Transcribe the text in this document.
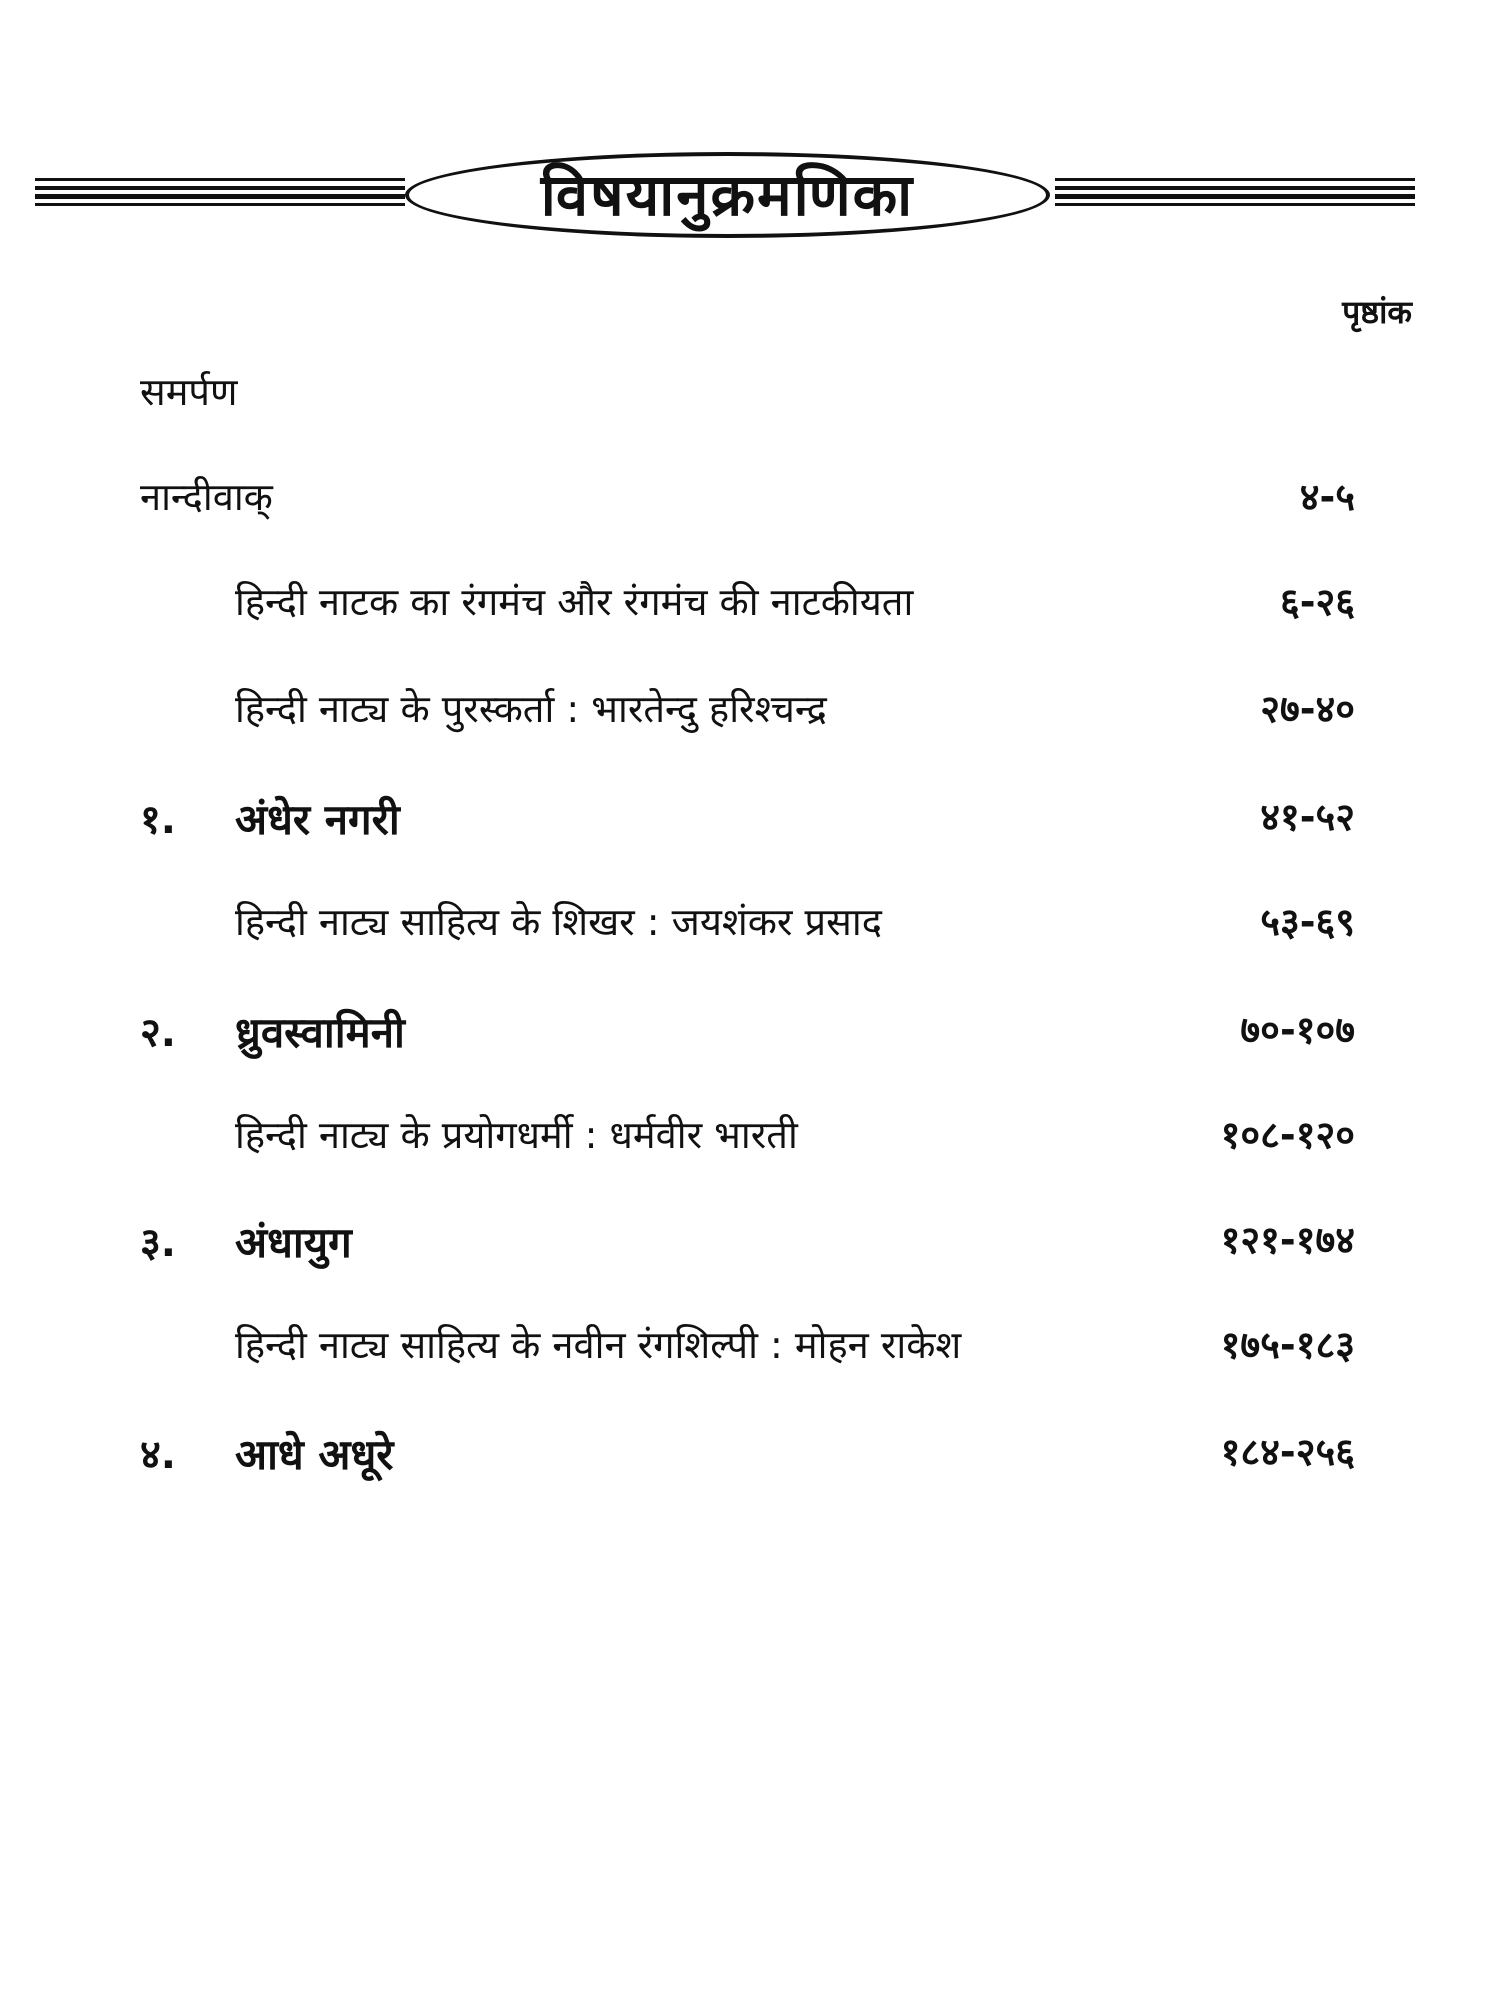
विषयानुक्रमणिका
पृष्ठांक
समर्पण
नान्दीवाक्	४-५
हिन्दी नाटक का रंगमंच और रंगमंच की नाटकीयता	६-२६
हिन्दी नाट्य के पुरस्कर्ता : भारतेन्दु हरिश्चन्द्र	२७-४०
१. अंधेर नगरी	४१-५२
हिन्दी नाट्य साहित्य के शिखर : जयशंकर प्रसाद	५३-६९
२. ध्रुवस्वामिनी	७०-१०७
हिन्दी नाट्य के प्रयोगधर्मी : धर्मवीर भारती	१०८-१२०
३. अंधायुग	१२१-१७४
हिन्दी नाट्य साहित्य के नवीन रंगशिल्पी : मोहन राकेश	१७५-१८३
४. आधे अधूरे	१८४-२५६
